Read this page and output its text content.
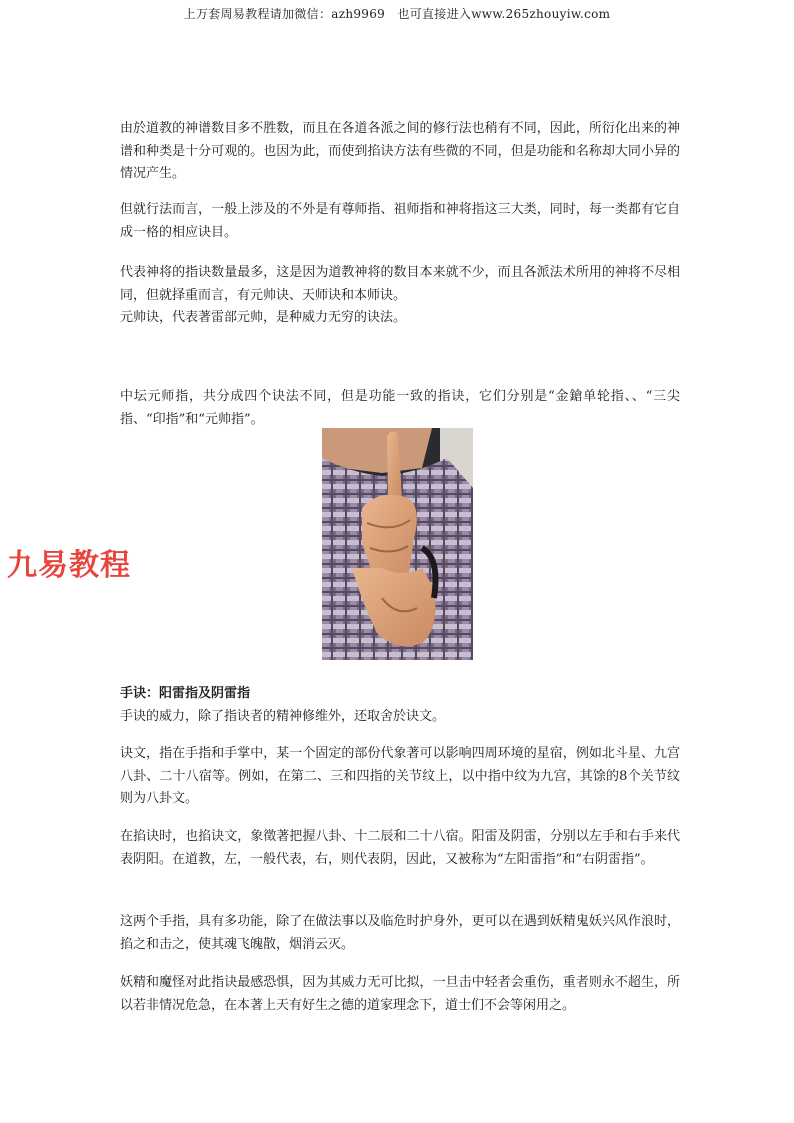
上万套周易教程请加微信：azh9969　也可直接进入www.265zhouyiw.com

由於道教的神谱数目多不胜数，而且在各道各派之间的修行法也稍有不同，因此，所衍化出来的神谱和种类是十分可观的。也因为此，而使到掐诀方法有些微的不同，但是功能和名称却大同小异的情况产生。

但就行法而言，一般上涉及的不外是有尊师指、祖师指和神将指这三大类，同时，每一类都有它自成一格的相应诀目。

代表神将的指诀数量最多，这是因为道教神将的数目本来就不少，而且各派法术所用的神将不尽相同，但就择重而言，有元帅诀、天师诀和本师诀。
元帅诀，代表著雷部元帅，是种威力无穷的诀法。

中坛元师指，共分成四个诀法不同，但是功能一致的指诀，它们分别是“金鎗单轮指、、“三尖指、“印指”和“元帅指”。

九易教程
手诀：阳雷指及阴雷指
手诀的威力，除了指诀者的精神修维外，还取舍於诀文。

诀文，指在手指和手掌中，某一个固定的部份代象著可以影响四周环境的星宿，例如北斗星、九宫八卦、二十八宿等。例如，在第二、三和四指的关节纹上，以中指中纹为九宫，其馀的8个关节纹则为八卦文。

在掐诀时，也掐诀文，象徵著把握八卦、十二辰和二十八宿。阳雷及阴雷，分别以左手和右手来代表阴阳。在道教，左，一般代表，右，则代表阴，因此，又被称为“左阳雷指”和“右阴雷指”。

这两个手指，具有多功能，除了在做法事以及临危时护身外，更可以在遇到妖精鬼妖兴风作浪时，掐之和击之，使其魂飞魄散，烟消云灭。

妖精和魔怪对此指诀最感恐惧，因为其威力无可比拟，一旦击中轻者会重伤，重者则永不超生，所以若非情况危急，在本著上天有好生之德的道家理念下，道士们不会等闲用之。
